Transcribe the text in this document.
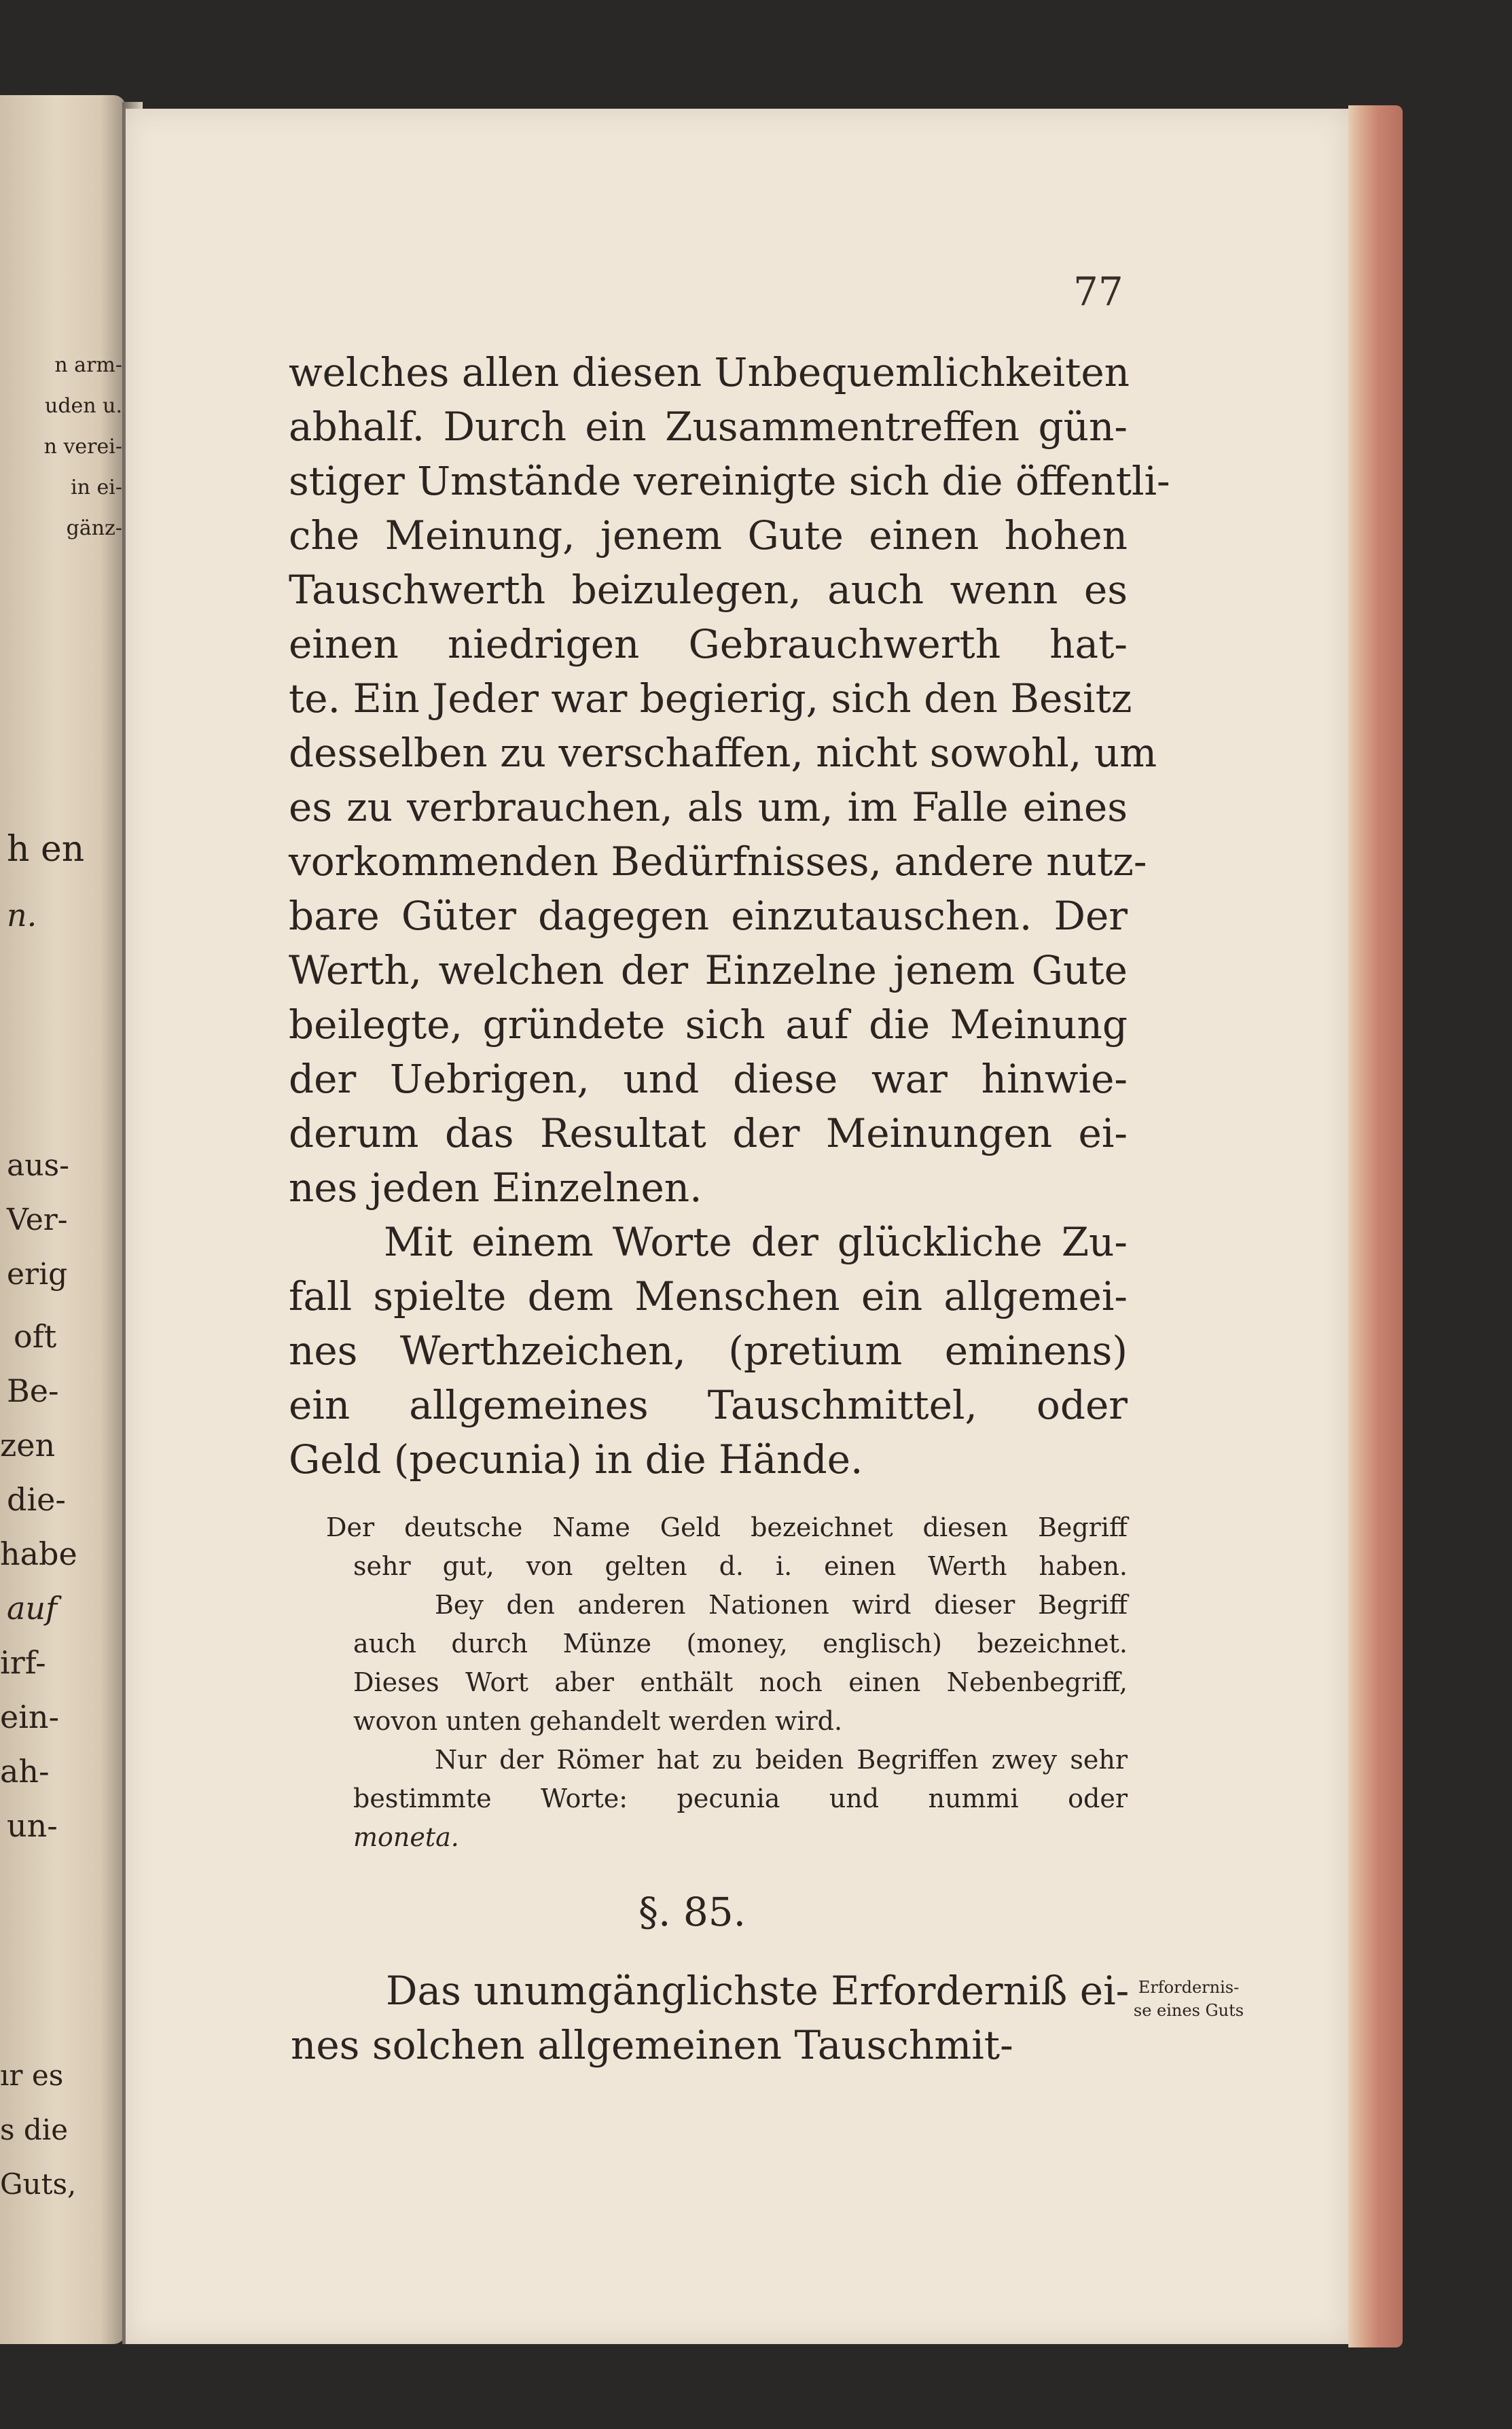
n arm-
uden u.
n verei-
in ei-
gänz-
h en
n.
aus-
Ver-
erig
oft
Be-
zen
die-
habe
auf
irf-
ein-
ah-
un-
ır es
s die
Guts,
77
welches allen diesen Unbequemlichkeiten
abhalf. Durch ein Zusammentreffen gün-
stiger Umstände vereinigte sich die öffentli-
che Meinung, jenem Gute einen hohen
Tauschwerth beizulegen, auch wenn es
einen niedrigen Gebrauchwerth hat-
te. Ein Jeder war begierig, sich den Besitz
desselben zu verschaffen, nicht sowohl, um
es zu verbrauchen, als um, im Falle eines
vorkommenden Bedürfnisses, andere nutz-
bare Güter dagegen einzutauschen. Der
Werth, welchen der Einzelne jenem Gute
beilegte, gründete sich auf die Meinung
der Uebrigen, und diese war hinwie-
derum das Resultat der Meinungen ei-
nes jeden Einzelnen.
Mit einem Worte der glückliche Zu-
fall spielte dem Menschen ein allgemei-
nes Werthzeichen, (pretium eminens)
ein allgemeines Tauschmittel, oder
Geld (pecunia) in die Hände.
Der deutsche Name Geld bezeichnet diesen Begriff
sehr gut, von gelten d. i. einen Werth haben.
Bey den anderen Nationen wird dieser Begriff
auch durch Münze (money, englisch) bezeichnet.
Dieses Wort aber enthält noch einen Nebenbegriff,
wovon unten gehandelt werden wird.
Nur der Römer hat zu beiden Begriffen zwey sehr
bestimmte Worte: pecunia und nummi oder
moneta.
§. 85.
Das unumgänglichste Erforderniß ei-
nes solchen allgemeinen Tauschmit-
Erfordernis-
se eines Guts
